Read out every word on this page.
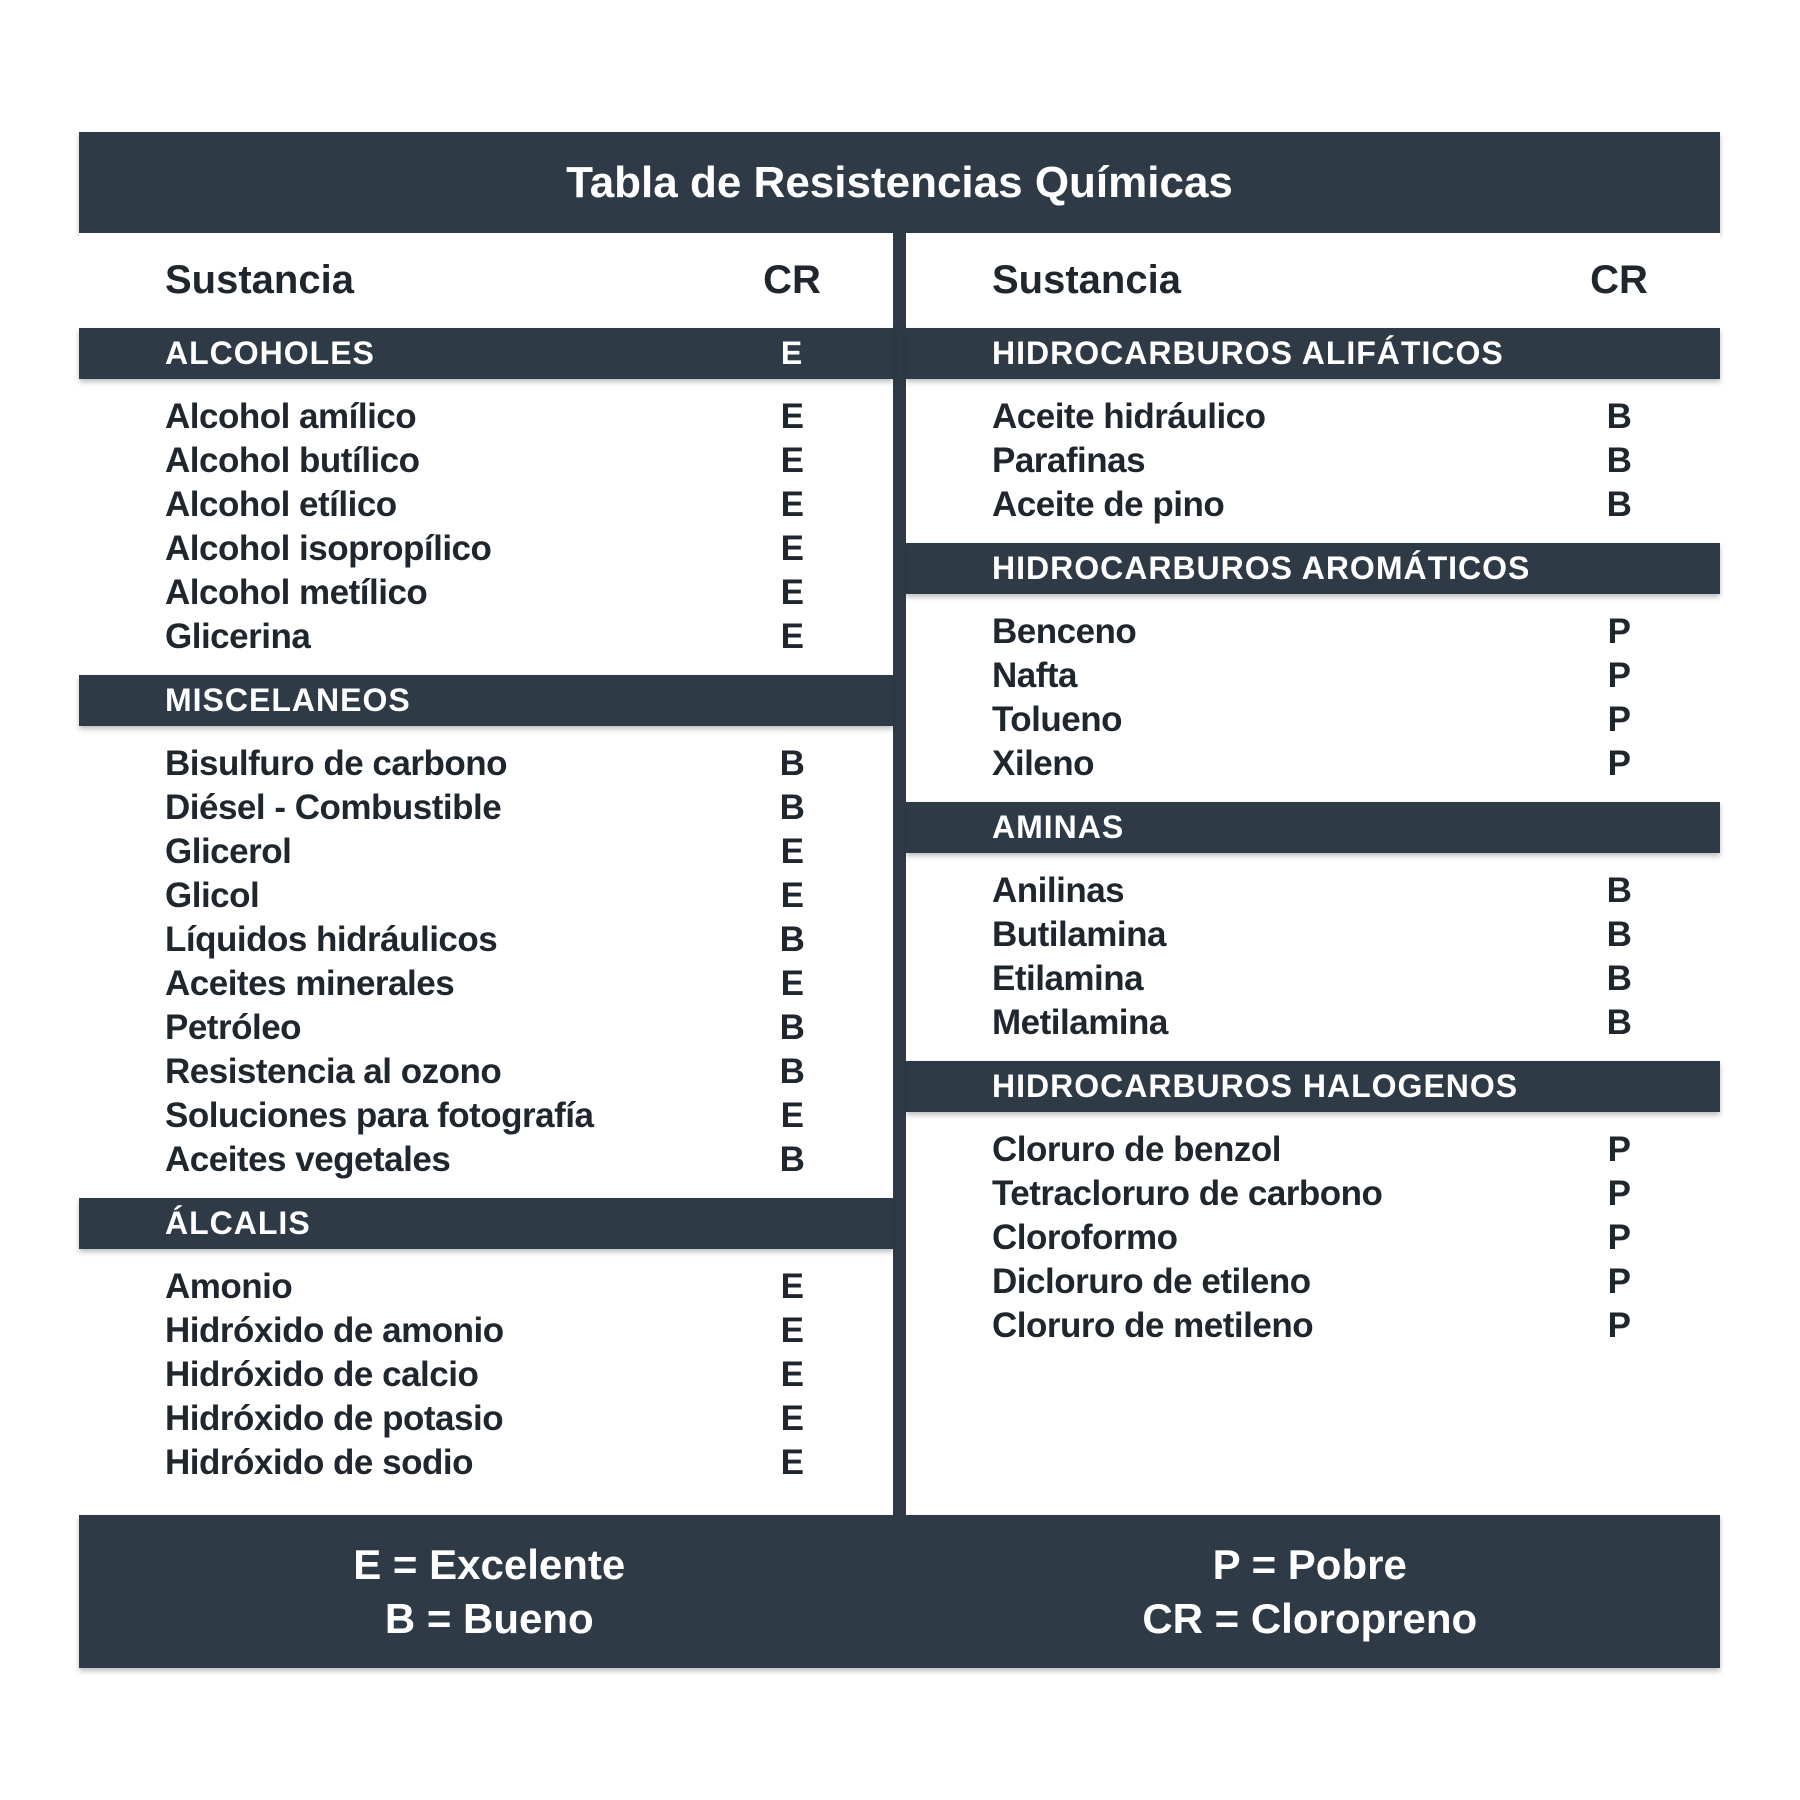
Tabla de Resistencias Químicas
Sustancia	CR
ALCOHOLES	E
Alcohol amílico	E
Alcohol butílico	E
Alcohol etílico	E
Alcohol isopropílico	E
Alcohol metílico	E
Glicerina	E
MISCELANEOS
Bisulfuro de carbono	B
Diésel - Combustible	B
Glicerol	E
Glicol	E
Líquidos hidráulicos	B
Aceites minerales	E
Petróleo	B
Resistencia al ozono	B
Soluciones para fotografía	E
Aceites vegetales	B
ÁLCALIS
Amonio	E
Hidróxido de amonio	E
Hidróxido de calcio	E
Hidróxido de potasio	E
Hidróxido de sodio	E
Sustancia	CR
HIDROCARBUROS ALIFÁTICOS
Aceite hidráulico	B
Parafinas	B
Aceite de pino	B
HIDROCARBUROS AROMÁTICOS
Benceno	P
Nafta	P
Tolueno	P
Xileno	P
AMINAS
Anilinas	B
Butilamina	B
Etilamina	B
Metilamina	B
HIDROCARBUROS HALOGENOS
Cloruro de benzol	P
Tetracloruro de carbono	P
Cloroformo	P
Dicloruro de etileno	P
Cloruro de metileno	P
E = Excelente
B = Bueno
P = Pobre
CR = Cloropreno
